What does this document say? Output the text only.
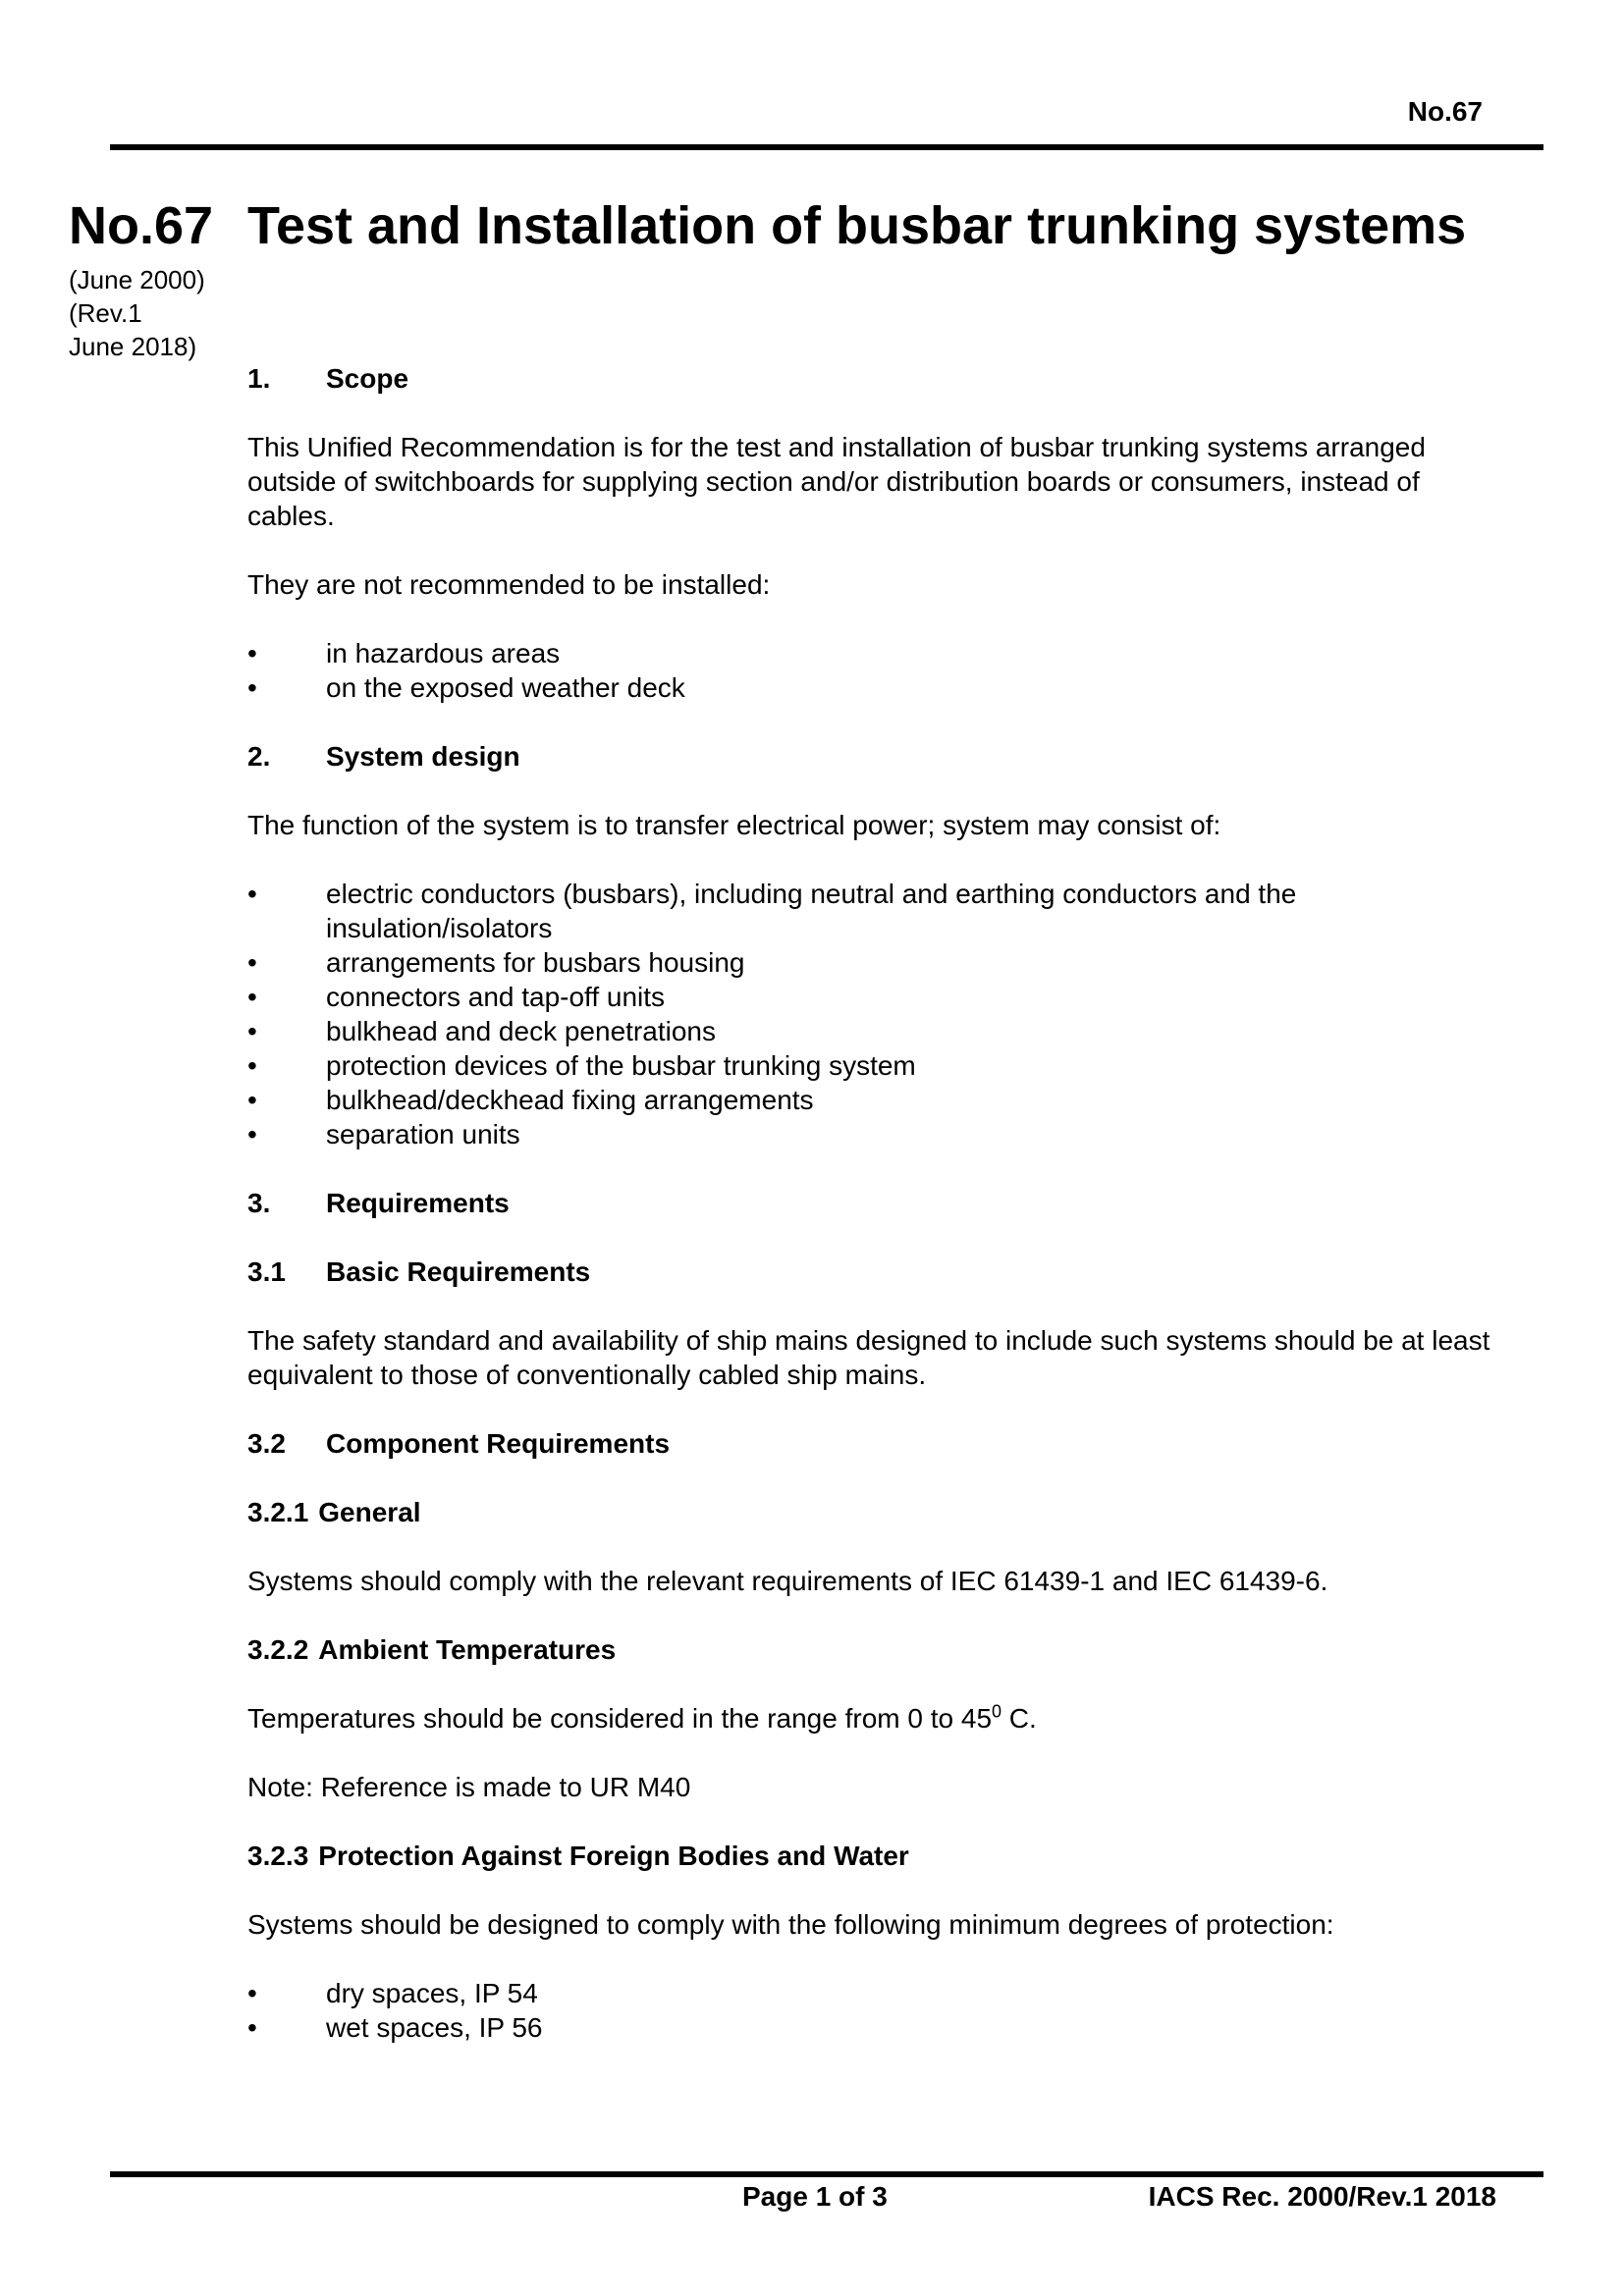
No.67
No.67
(June 2000)
(Rev.1
June 2018)
Test and Installation of busbar trunking systems
1.	Scope

This Unified Recommendation is for the test and installation of busbar trunking systems arranged outside of switchboards for supplying section and/or distribution boards or consumers, instead of cables.

They are not recommended to be installed:

• in hazardous areas
• on the exposed weather deck
2.	System design

The function of the system is to transfer electrical power; system may consist of:

• electric conductors (busbars), including neutral and earthing conductors and the insulation/isolators
• arrangements for busbars housing
• connectors and tap-off units
• bulkhead and deck penetrations
• protection devices of the busbar trunking system
• bulkhead/deckhead fixing arrangements
• separation units
3.	Requirements
3.1	Basic Requirements

The safety standard and availability of ship mains designed to include such systems should be at least equivalent to those of conventionally cabled ship mains.

3.2	Component Requirements
3.2.1 General

Systems should comply with the relevant requirements of IEC 61439-1 and IEC 61439-6.

3.2.2 Ambient Temperatures

Temperatures should be considered in the range from 0 to $45^0$ C.

Note: Reference is made to UR M40

3.2.3 Protection Against Foreign Bodies and Water

Systems should be designed to comply with the following minimum degrees of protection:

• dry spaces, IP 54
• wet spaces, IP 56
Page 1 of 3	IACS Rec. 2000/Rev.1 2018
